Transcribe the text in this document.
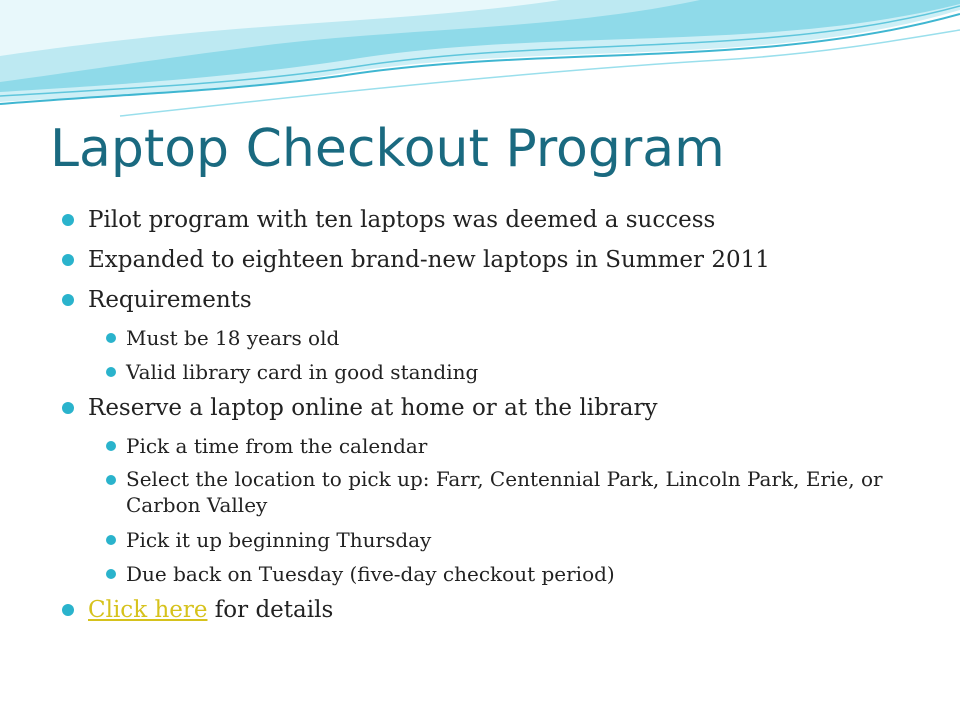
Laptop Checkout Program
Pilot program with ten laptops was deemed a success
Expanded to eighteen brand-new laptops in Summer 2011
Requirements
Must be 18 years old
Valid library card in good standing
Reserve a laptop online at home or at the library
Pick a time from the calendar
Select the location to pick up: Farr, Centennial Park, Lincoln Park, Erie, or Carbon Valley
Pick it up beginning Thursday
Due back on Tuesday (five-day checkout period)
Click here for details
